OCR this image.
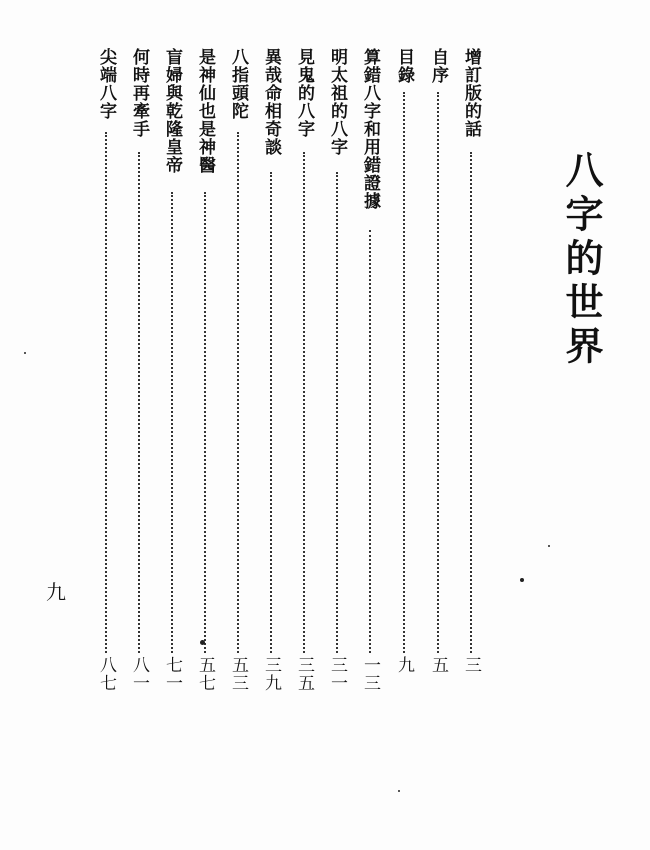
八字的世界
增訂版的話
三
自序
五
目錄
九
算錯八字和用錯證據
一三
明太祖的八字
三一
見鬼的八字
三五
異哉命相奇談
三九
八指頭陀
五三
是神仙也是神醫
五七
盲婦與乾隆皇帝
七一
何時再牽手
八一
尖端八字
八七
九
